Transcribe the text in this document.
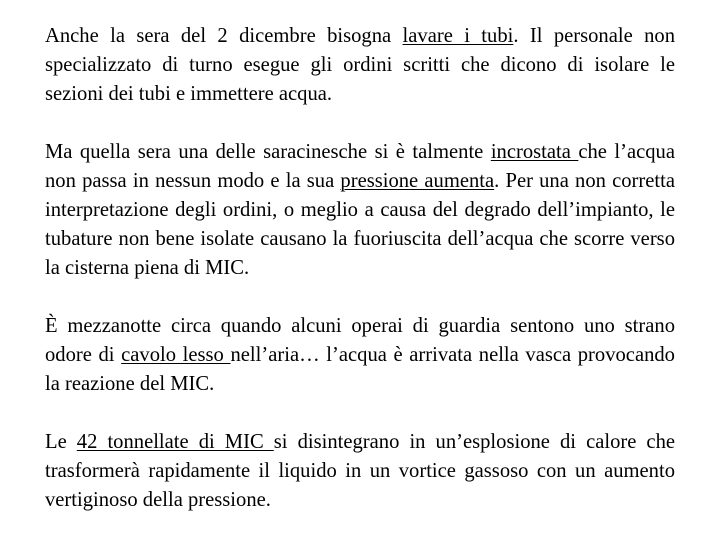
Anche la sera del 2 dicembre bisogna lavare i tubi. Il personale non specializzato di turno esegue gli ordini scritti che dicono di isolare le sezioni dei tubi e immettere acqua.

Ma quella sera una delle saracinesche si è talmente incrostata che l’acqua non passa in nessun modo e la sua pressione aumenta. Per una non corretta interpretazione degli ordini, o meglio a causa del degrado dell’impianto, le tubature non bene isolate causano la fuoriuscita dell’acqua che scorre verso la cisterna piena di MIC.

È mezzanotte circa quando alcuni operai di guardia sentono uno strano odore di cavolo lesso nell’aria… l’acqua è arrivata nella vasca provocando la reazione del MIC.

Le 42 tonnellate di MIC si disintegrano in un’esplosione di calore che trasformerà rapidamente il liquido in un vortice gassoso con un aumento vertiginoso della pressione.
